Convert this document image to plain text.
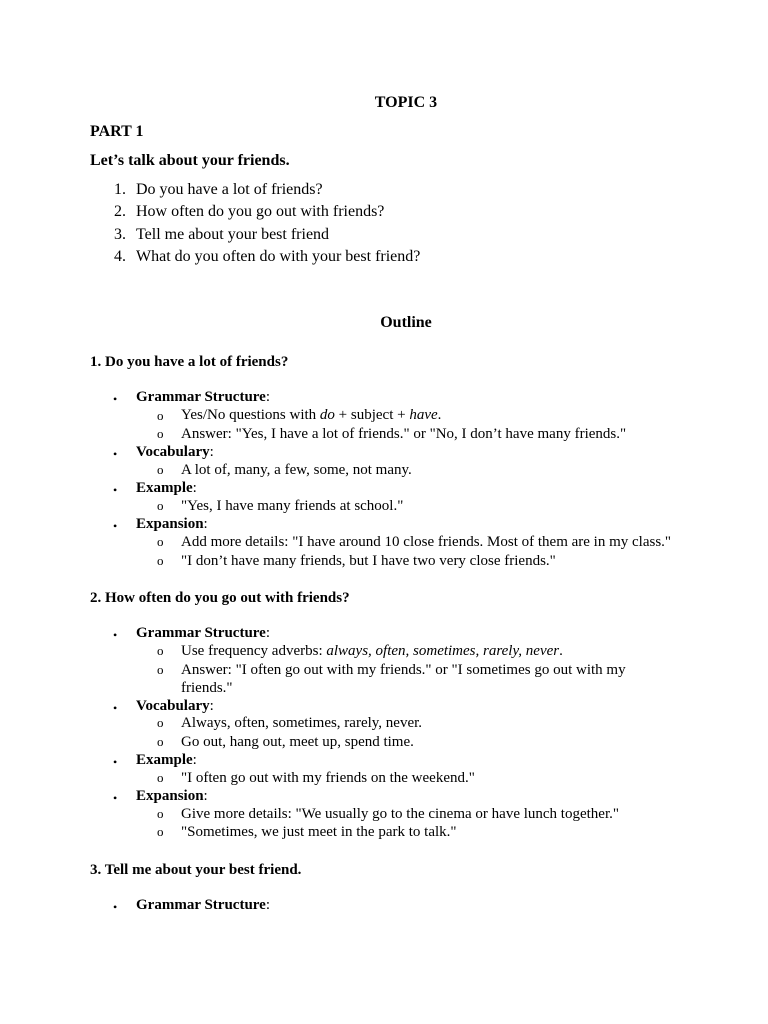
TOPIC 3
PART 1
Let’s talk about your friends.
1. Do you have a lot of friends?
2. How often do you go out with friends?
3. Tell me about your best friend
4. What do you often do with your best friend?
Outline
1. Do you have a lot of friends?
• Grammar Structure:
o Yes/No questions with do + subject + have.
o Answer: "Yes, I have a lot of friends." or "No, I don’t have many friends."
• Vocabulary:
o A lot of, many, a few, some, not many.
• Example:
o "Yes, I have many friends at school."
• Expansion:
o Add more details: "I have around 10 close friends. Most of them are in my class."
o "I don’t have many friends, but I have two very close friends."
2. How often do you go out with friends?
• Grammar Structure:
o Use frequency adverbs: always, often, sometimes, rarely, never.
o Answer: "I often go out with my friends." or "I sometimes go out with my
friends."
• Vocabulary:
o Always, often, sometimes, rarely, never.
o Go out, hang out, meet up, spend time.
• Example:
o "I often go out with my friends on the weekend."
• Expansion:
o Give more details: "We usually go to the cinema or have lunch together."
o "Sometimes, we just meet in the park to talk."
3. Tell me about your best friend.
• Grammar Structure:
